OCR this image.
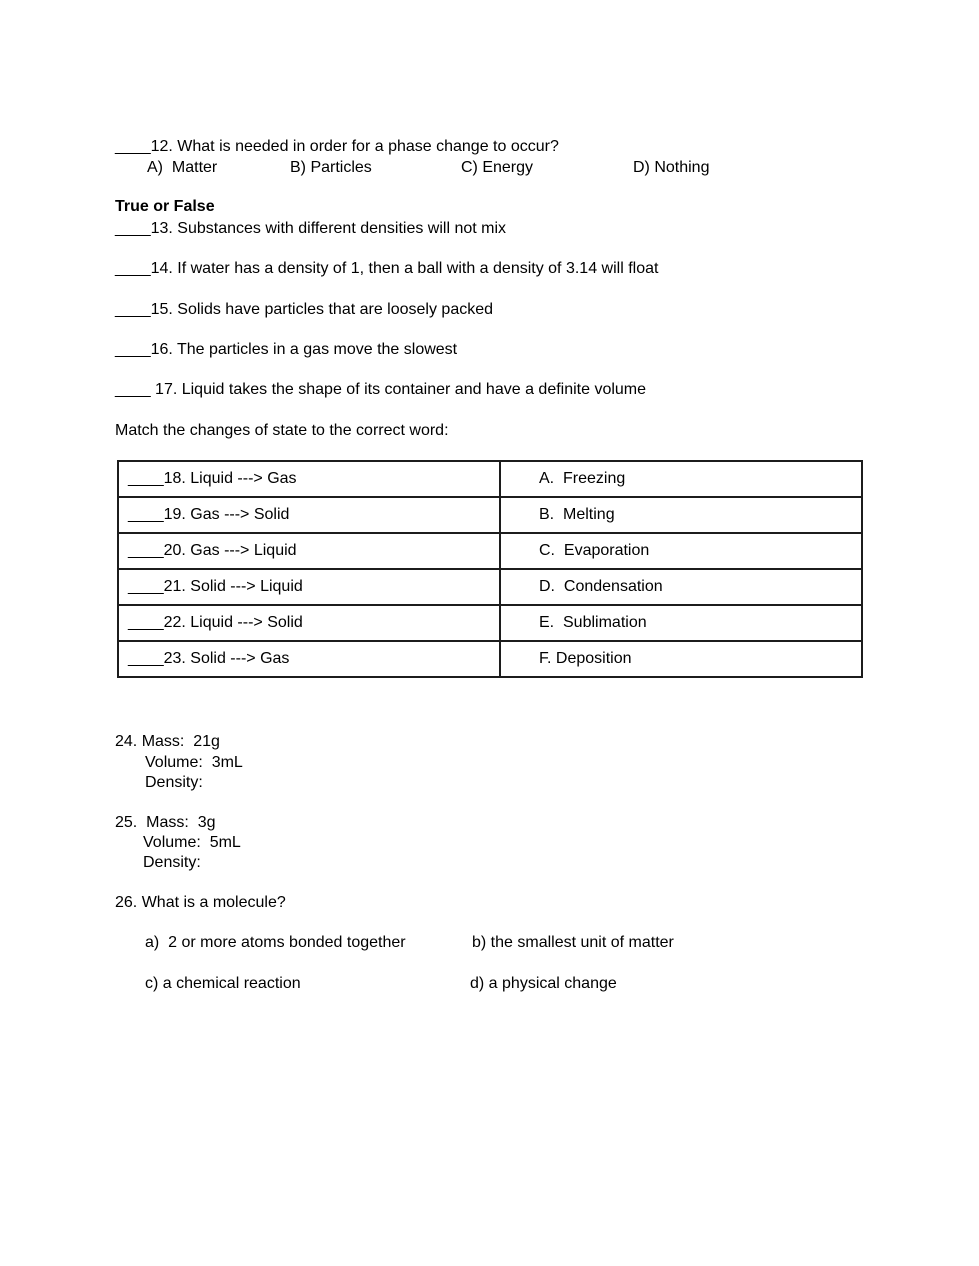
____12. What is needed in order for a phase change to occur?
A)  Matter	B) Particles	C) Energy	D) Nothing
True or False
____13. Substances with different densities will not mix
____14. If water has a density of 1, then a ball with a density of 3.14 will float
____15. Solids have particles that are loosely packed
____16. The particles in a gas move the slowest
____ 17. Liquid takes the shape of its container and have a definite volume
Match the changes of state to the correct word:
____18. Liquid ---> Gas	A.  Freezing
____19. Gas ---> Solid	B.  Melting
____20. Gas ---> Liquid	C.  Evaporation
____21. Solid ---> Liquid	D.  Condensation
____22. Liquid ---> Solid	E.  Sublimation
____23. Solid ---> Gas	F. Deposition
24. Mass:  21g
Volume:  3mL
Density:
25.  Mass:  3g
Volume:  5mL
Density:
26. What is a molecule?
a)  2 or more atoms bonded together	b) the smallest unit of matter
c) a chemical reaction	d) a physical change
